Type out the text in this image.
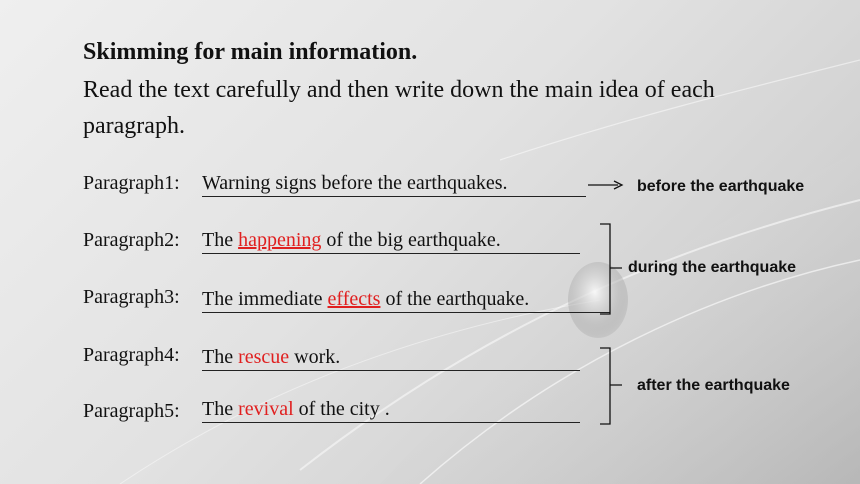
Skimming for main information.
Read the text carefully and then write down the main idea of each paragraph.
Paragraph1: Warning signs before the earthquakes.
Paragraph2: The happening of the big earthquake.
Paragraph3: The immediate effects of the earthquake.
Paragraph4: The rescue work.
Paragraph5: The revival of the city .
before the earthquake
during the earthquake
after the earthquake
